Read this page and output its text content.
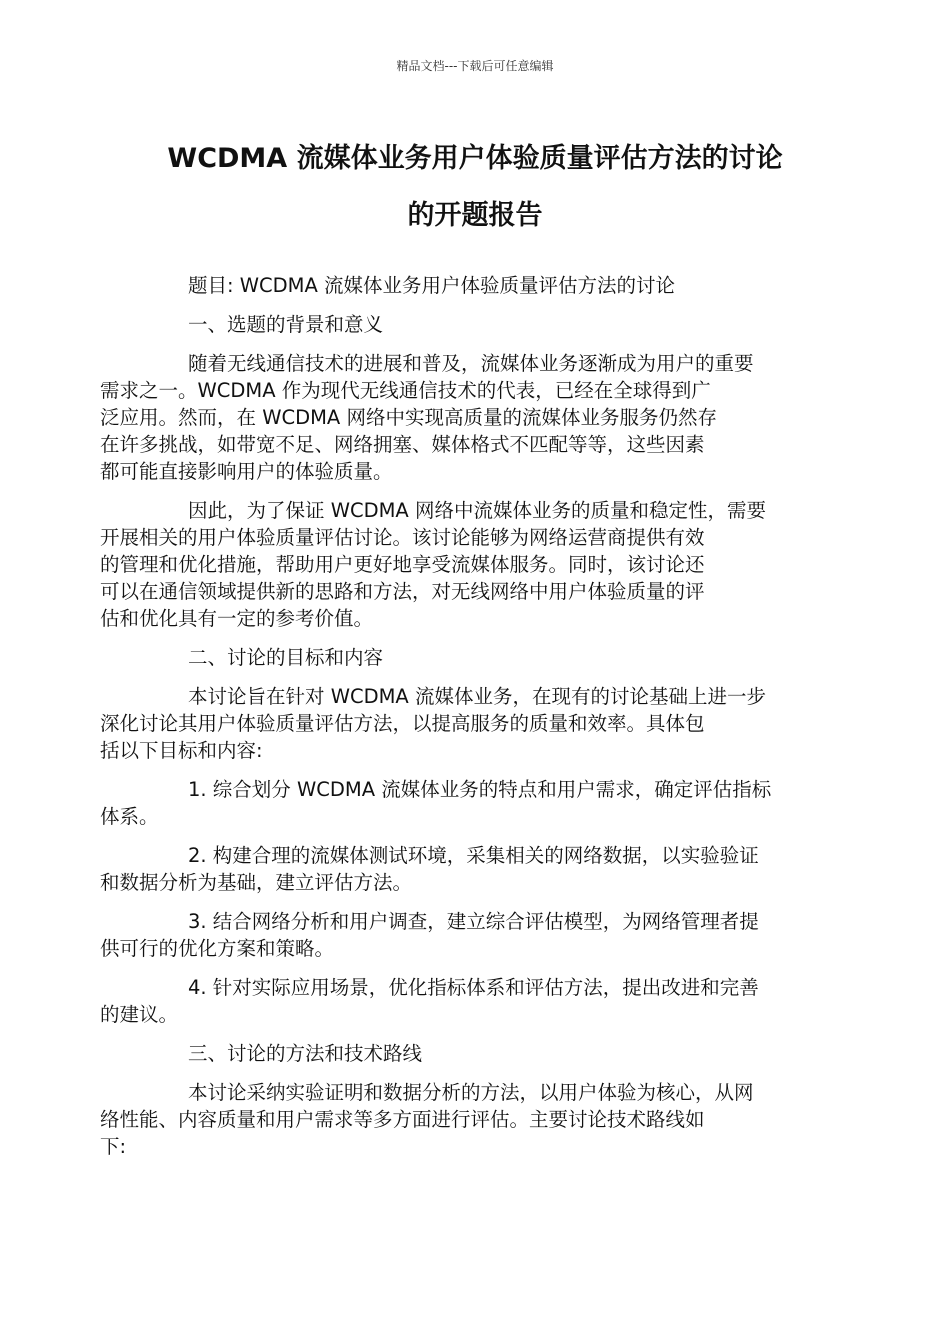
精品文档---下载后可任意编辑
WCDMA 流媒体业务用户体验质量评估方法的讨论
的开题报告

题目: WCDMA 流媒体业务用户体验质量评估方法的讨论

一、选题的背景和意义

随着无线通信技术的进展和普及，流媒体业务逐渐成为用户的重要
需求之一。WCDMA 作为现代无线通信技术的代表，已经在全球得到广
泛应用。然而，在 WCDMA 网络中实现高质量的流媒体业务服务仍然存
在许多挑战，如带宽不足、网络拥塞、媒体格式不匹配等等，这些因素
都可能直接影响用户的体验质量。

因此，为了保证 WCDMA 网络中流媒体业务的质量和稳定性，需要
开展相关的用户体验质量评估讨论。该讨论能够为网络运营商提供有效
的管理和优化措施，帮助用户更好地享受流媒体服务。同时，该讨论还
可以在通信领域提供新的思路和方法，对无线网络中用户体验质量的评
估和优化具有一定的参考价值。

二、讨论的目标和内容

本讨论旨在针对 WCDMA 流媒体业务，在现有的讨论基础上进一步
深化讨论其用户体验质量评估方法，以提高服务的质量和效率。具体包
括以下目标和内容:

1. 综合划分 WCDMA 流媒体业务的特点和用户需求，确定评估指标
体系。

2. 构建合理的流媒体测试环境，采集相关的网络数据，以实验验证
和数据分析为基础，建立评估方法。

3. 结合网络分析和用户调查，建立综合评估模型，为网络管理者提
供可行的优化方案和策略。

4. 针对实际应用场景，优化指标体系和评估方法，提出改进和完善
的建议。

三、讨论的方法和技术路线

本讨论采纳实验证明和数据分析的方法，以用户体验为核心，从网
络性能、内容质量和用户需求等多方面进行评估。主要讨论技术路线如
下:
